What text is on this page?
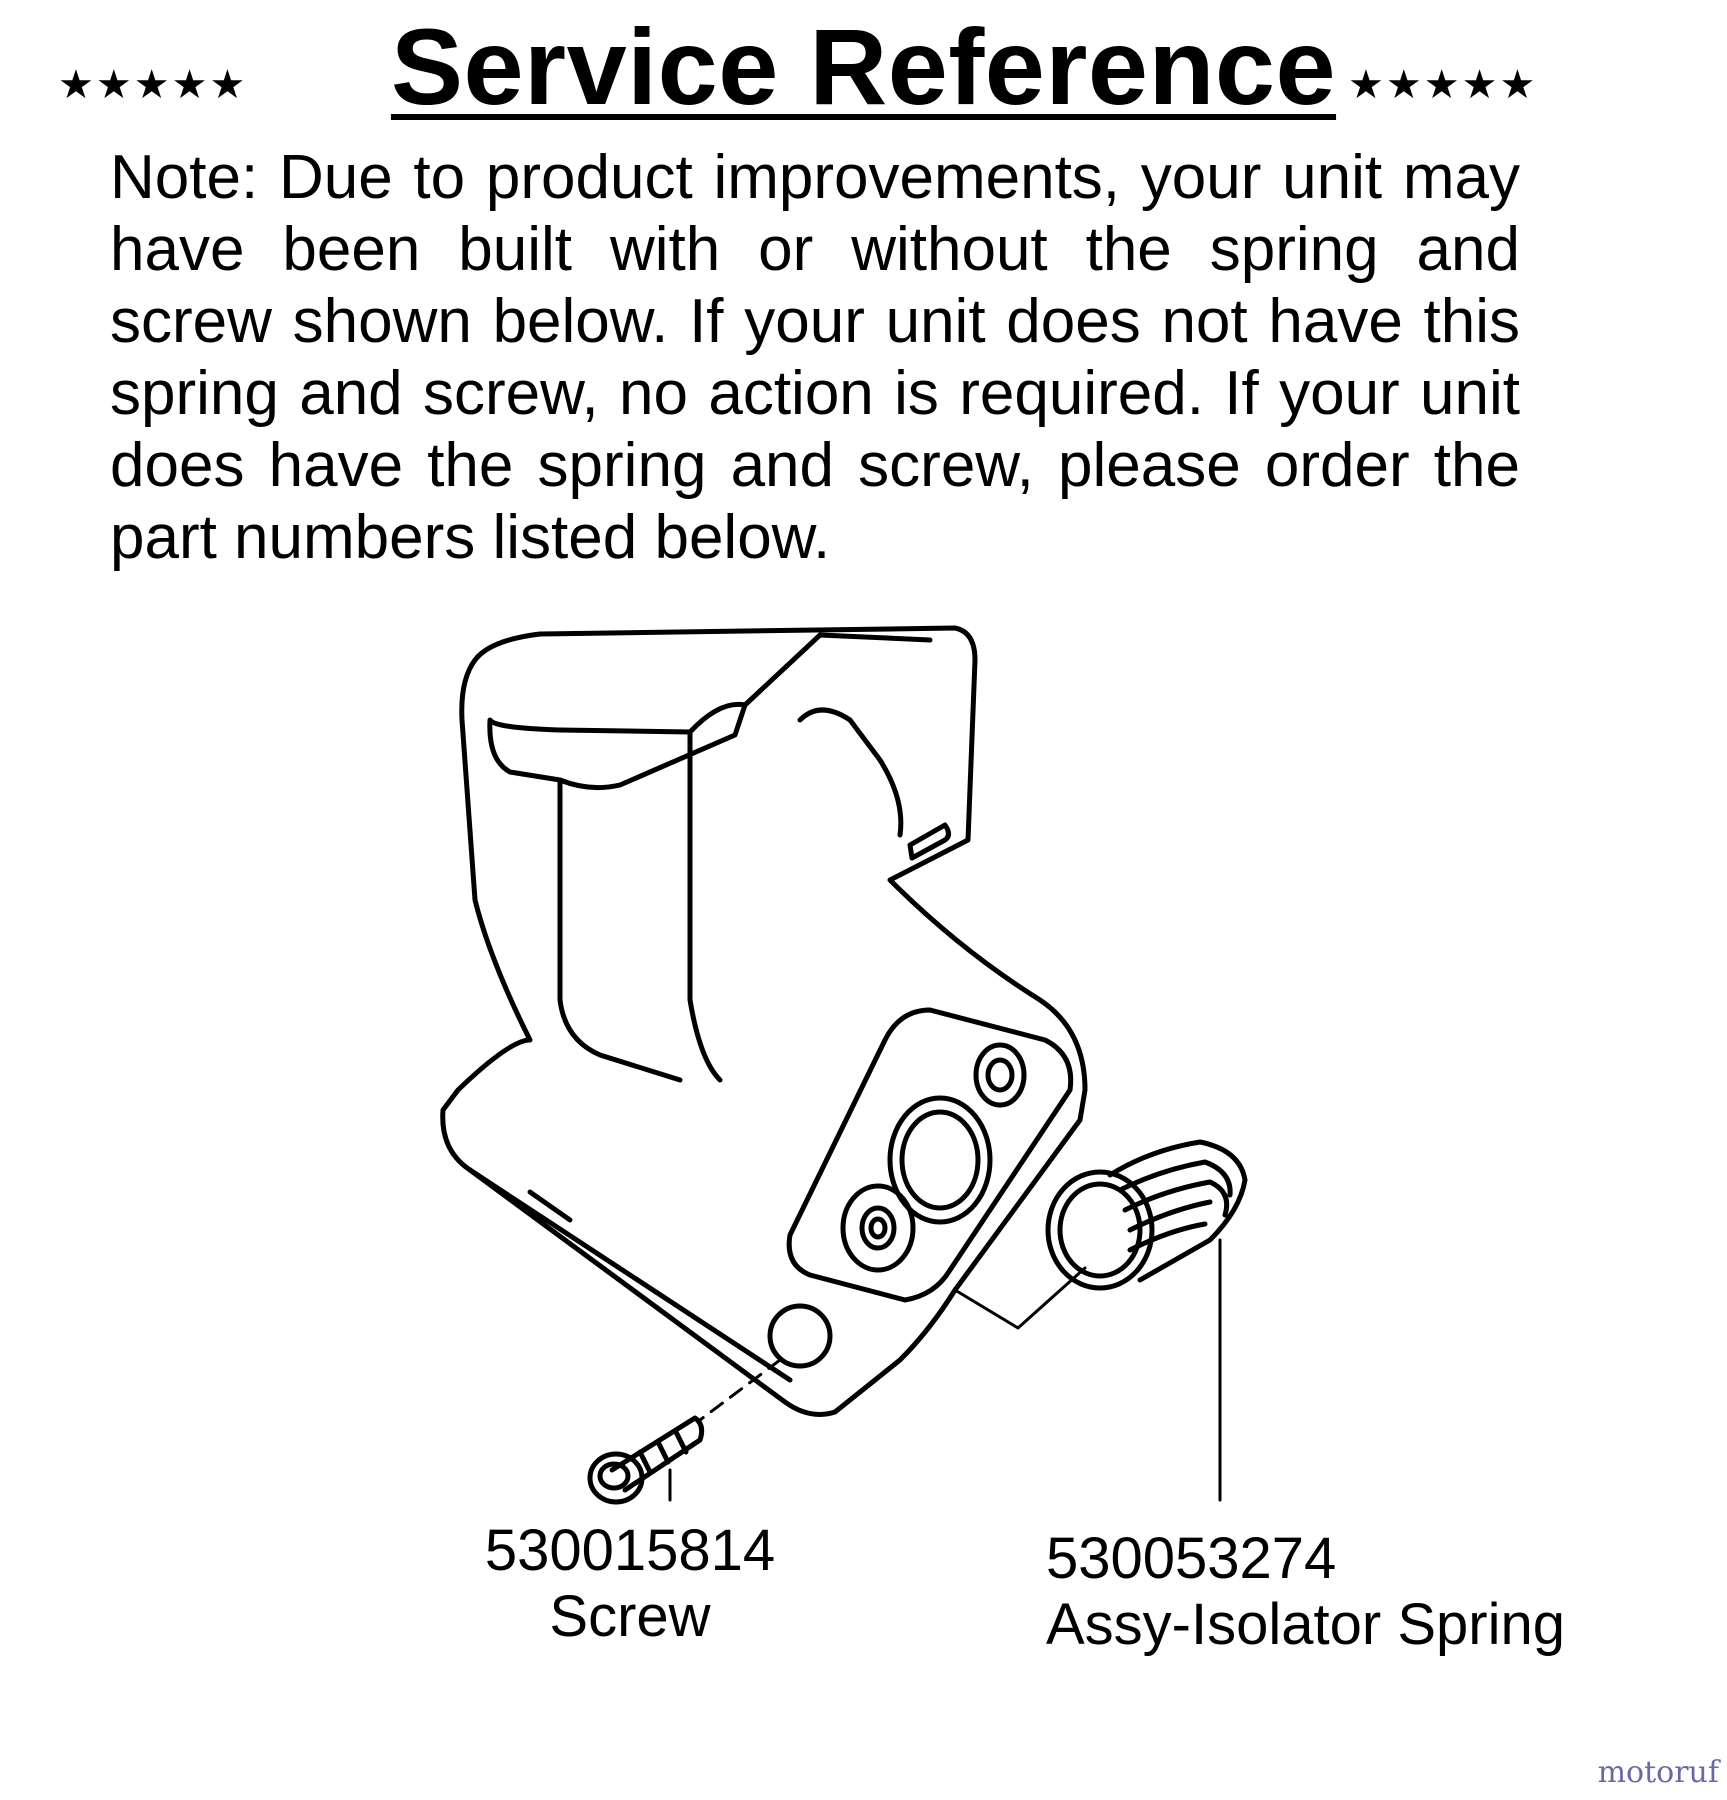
★★★★★	Service Reference ★★★★★
Note: Due to product improvements, your unit may have been built with or without the spring and screw shown below. If your unit does not have this spring and screw, no action is required. If your unit does have the spring and screw, please order the part numbers listed below.
530015814
Screw
530053274
Assy-Isolator Spring
motoruf
